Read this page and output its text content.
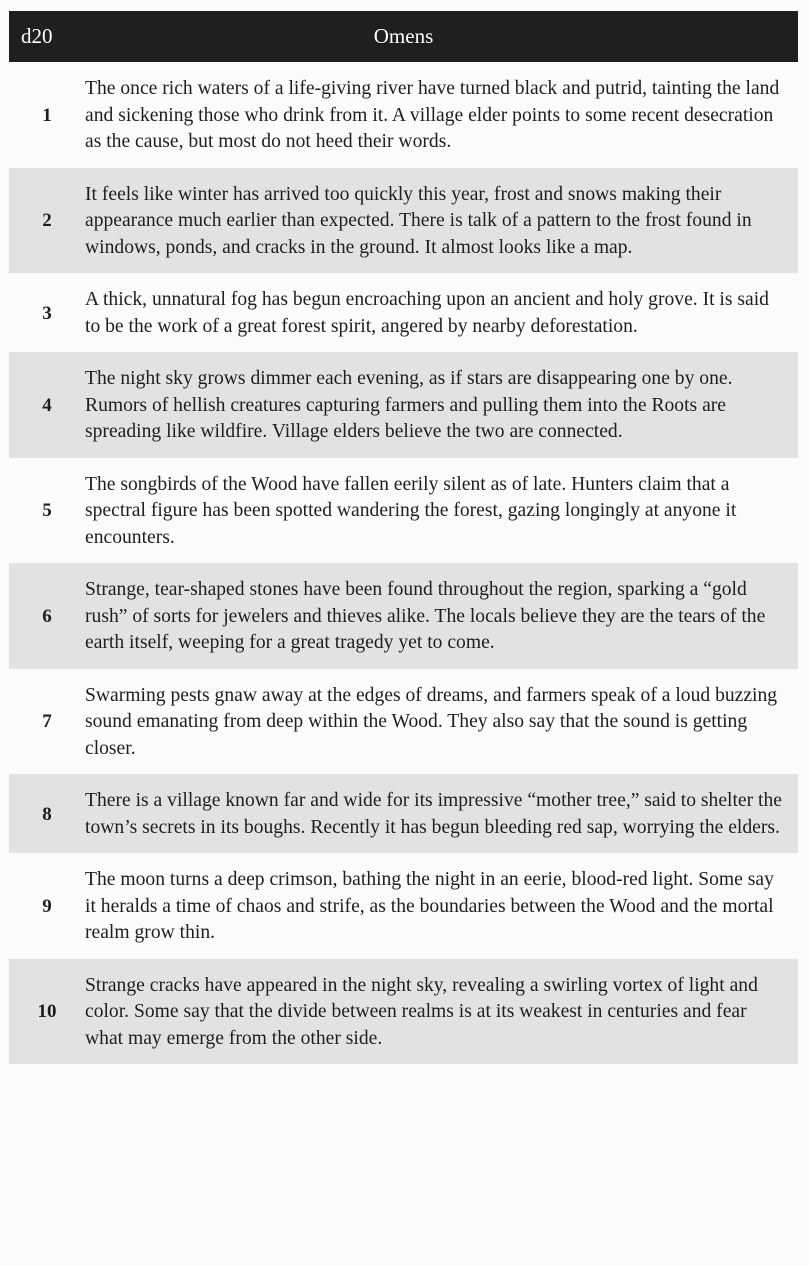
d20	Omens
1
The once rich waters of a life-giving river have turned black and putrid, tainting the land and sickening those who drink from it. A village elder points to some recent desecration as the cause, but most do not heed their words.
2
It feels like winter has arrived too quickly this year, frost and snows making their appearance much earlier than expected. There is talk of a pattern to the frost found in windows, ponds, and cracks in the ground. It almost looks like a map.
3
A thick, unnatural fog has begun encroaching upon an ancient and holy grove. It is said to be the work of a great forest spirit, angered by nearby deforestation.
4
The night sky grows dimmer each evening, as if stars are disappearing one by one. Rumors of hellish creatures capturing farmers and pulling them into the Roots are spreading like wildfire. Village elders believe the two are connected.
5
The songbirds of the Wood have fallen eerily silent as of late. Hunters claim that a spectral figure has been spotted wandering the forest, gazing longingly at anyone it encounters.
6
Strange, tear-shaped stones have been found throughout the region, sparking a “gold rush” of sorts for jewelers and thieves alike. The locals believe they are the tears of the earth itself, weeping for a great tragedy yet to come.
7
Swarming pests gnaw away at the edges of dreams, and farmers speak of a loud buzzing sound emanating from deep within the Wood. They also say that the sound is getting closer.
8
There is a village known far and wide for its impressive “mother tree,” said to shelter the town’s secrets in its boughs. Recently it has begun bleeding red sap, worrying the elders.
9
The moon turns a deep crimson, bathing the night in an eerie, blood-red light. Some say it heralds a time of chaos and strife, as the boundaries between the Wood and the mortal realm grow thin.
10
Strange cracks have appeared in the night sky, revealing a swirling vortex of light and color. Some say that the divide between realms is at its weakest in centuries and fear what may emerge from the other side.
